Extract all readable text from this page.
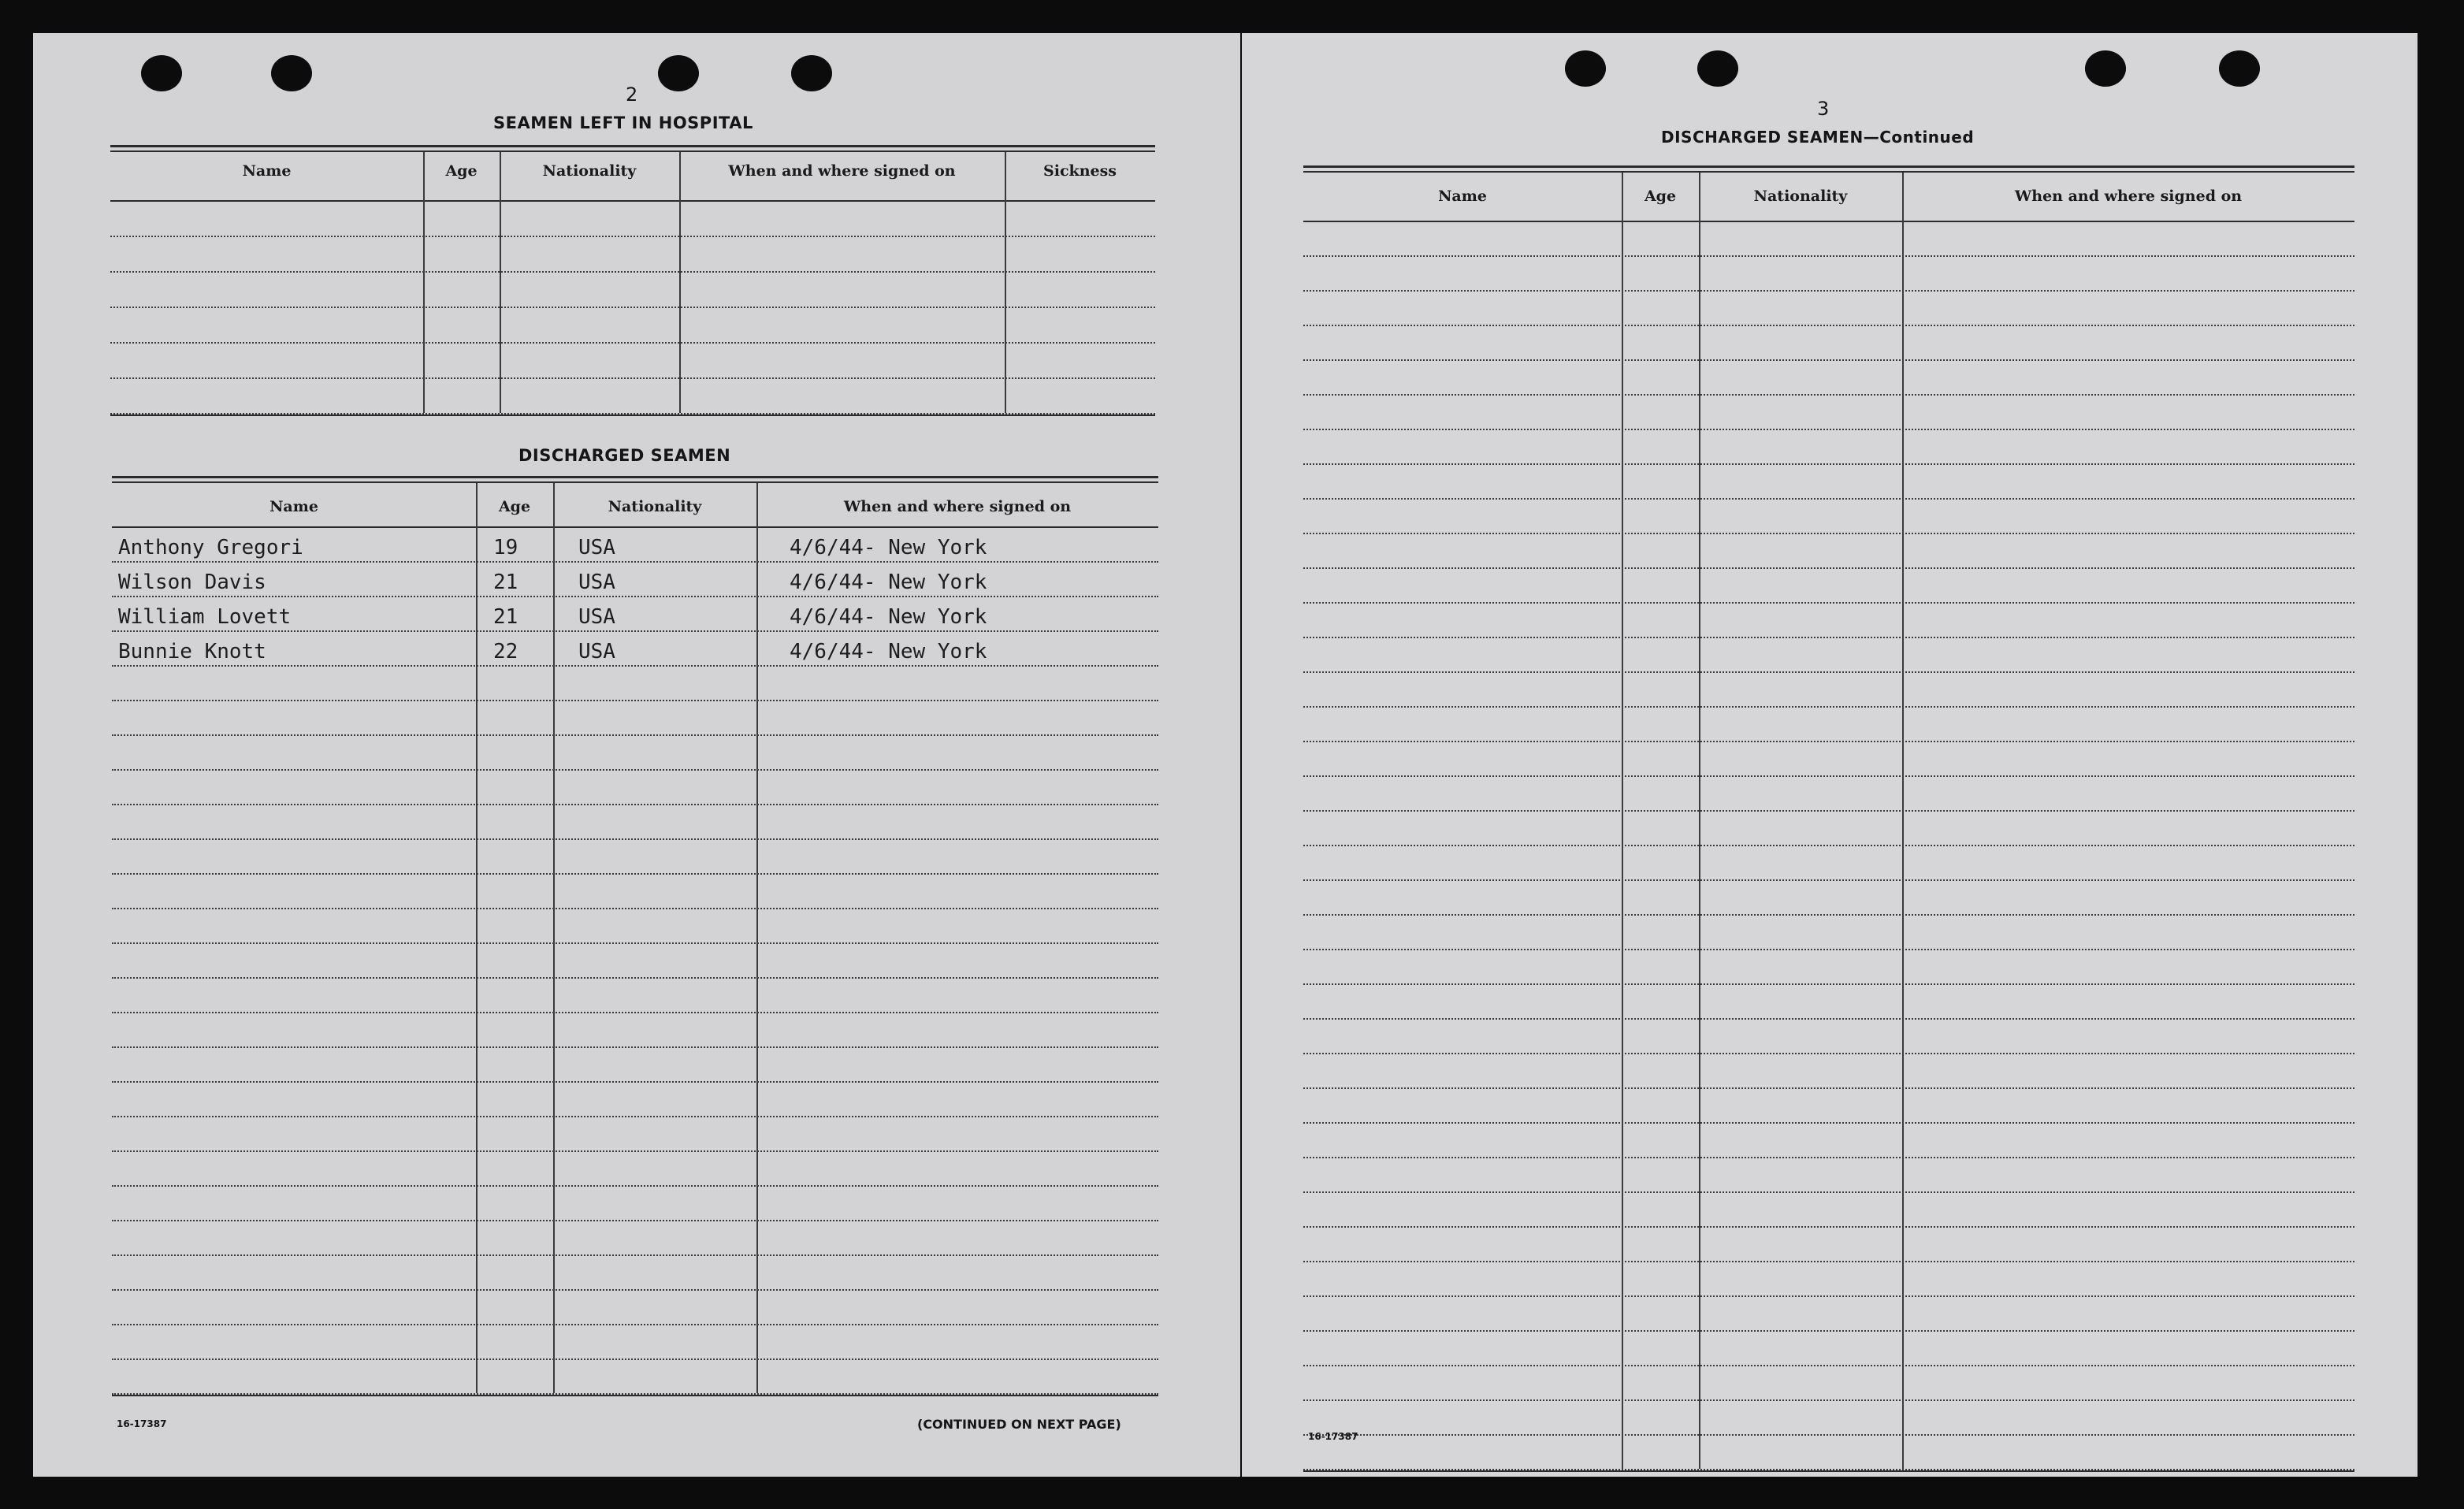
2
SEAMEN LEFT IN HOSPITAL
Name	Age	Nationality	When and where signed on	Sickness
DISCHARGED SEAMEN
Name	Age	Nationality	When and where signed on
Anthony Gregori	19	USA	4/6/44- New York
Wilson Davis	21	USA	4/6/44- New York
William Lovett	21	USA	4/6/44- New York
Bunnie Knott	22	USA	4/6/44- New York
16-17387	(CONTINUED ON NEXT PAGE)
3
DISCHARGED SEAMEN—Continued
Name	Age	Nationality	When and where signed on
16-17387
